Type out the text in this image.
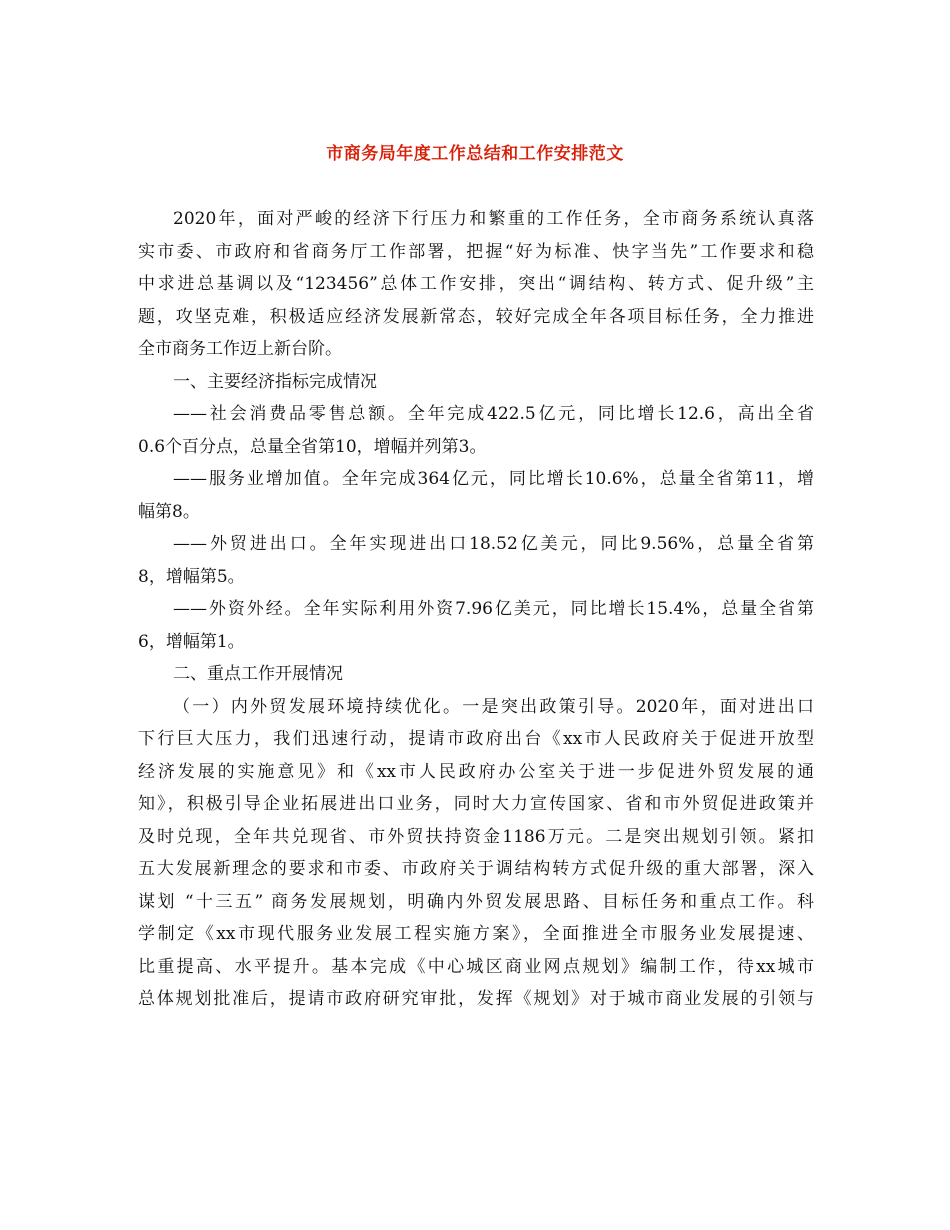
市商务局年度工作总结和工作安排范文
2020年，面对严峻的经济下行压力和繁重的工作任务，全市商务系统认真落
实市委、市政府和省商务厅工作部署，把握“好为标准、快字当先”工作要求和稳
中求进总基调以及“123456”总体工作安排，突出“调结构、转方式、促升级”主
题，攻坚克难，积极适应经济发展新常态，较好完成全年各项目标任务，全力推进
全市商务工作迈上新台阶。
一、主要经济指标完成情况
——社会消费品零售总额。全年完成422.5亿元，同比增长12.6，高出全省
0.6个百分点，总量全省第10，增幅并列第3。
——服务业增加值。全年完成364亿元，同比增长10.6%，总量全省第11，增
幅第8。
——外贸进出口。全年实现进出口18.52亿美元，同比9.56%，总量全省第
8，增幅第5。
——外资外经。全年实际利用外资7.96亿美元，同比增长15.4%，总量全省第
6，增幅第1。
二、重点工作开展情况
（一）内外贸发展环境持续优化。一是突出政策引导。2020年，面对进出口
下行巨大压力，我们迅速行动，提请市政府出台《xx市人民政府关于促进开放型
经济发展的实施意见》和《xx市人民政府办公室关于进一步促进外贸发展的通
知》，积极引导企业拓展进出口业务，同时大力宣传国家、省和市外贸促进政策并
及时兑现，全年共兑现省、市外贸扶持资金1186万元。二是突出规划引领。紧扣
五大发展新理念的要求和市委、市政府关于调结构转方式促升级的重大部署，深入
谋划 “十三五” 商务发展规划，明确内外贸发展思路、目标任务和重点工作。科
学制定《xx市现代服务业发展工程实施方案》，全面推进全市服务业发展提速、
比重提高、水平提升。基本完成《中心城区商业网点规划》编制工作，待xx城市
总体规划批准后，提请市政府研究审批，发挥《规划》对于城市商业发展的引领与
